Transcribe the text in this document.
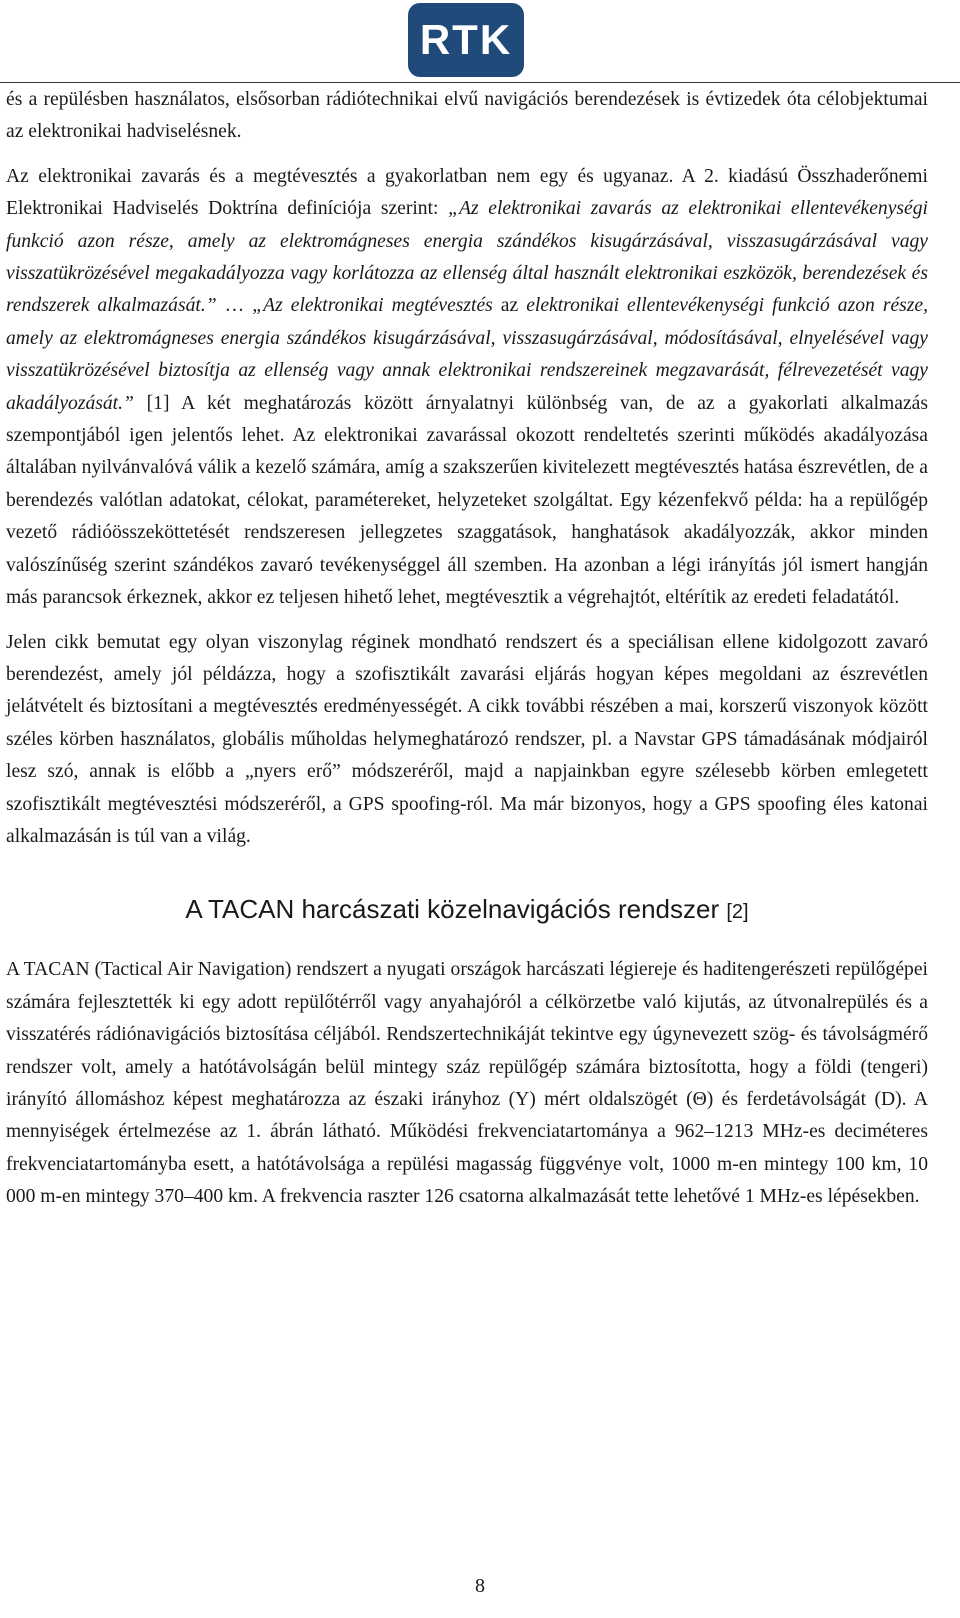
RTK

és a repülésben használatos, elsősorban rádiótechnikai elvű navigációs berendezések is évtizedek óta célobjektumai az elektronikai hadviselésnek.

Az elektronikai zavarás és a megtévesztés a gyakorlatban nem egy és ugyanaz. A 2. kiadású Összhaderőnemi Elektronikai Hadviselés Doktrína definíciója szerint: „Az elektronikai zavarás az elektronikai ellentevékenységi funkció azon része, amely az elektromágneses energia szándékos kisugárzásával, visszasugárzásával vagy visszatükrözésével megakadályozza vagy korlátozza az ellenség által használt elektronikai eszközök, berendezések és rendszerek alkalmazását.” … „Az elektronikai megtévesztés az elektronikai ellentevékenységi funkció azon része, amely az elektromágneses energia szándékos kisugárzásával, visszasugárzásával, módosításával, elnyelésével vagy visszatükrözésével biztosítja az ellenség vagy annak elektronikai rendszereinek megzavarását, félrevezetését vagy akadályozását.” [1] A két meghatározás között árnyalatnyi különbség van, de az a gyakorlati alkalmazás szempontjából igen jelentős lehet. Az elektronikai zavarással okozott rendeltetés szerinti működés akadályozása általában nyilvánvalóvá válik a kezelő számára, amíg a szakszerűen kivitelezett megtévesztés hatása észrevétlen, de a berendezés valótlan adatokat, célokat, paramétereket, helyzeteket szolgáltat. Egy kézenfekvő példa: ha a repülőgép vezető rádióösszeköttetését rendszeresen jellegzetes szaggatások, hanghatások akadályozzák, akkor minden valószínűség szerint szándékos zavaró tevékenységgel áll szemben. Ha azonban a légi irányítás jól ismert hangján más parancsok érkeznek, akkor ez teljesen hihető lehet, megtévesztik a végrehajtót, eltérítik az eredeti feladatától.

Jelen cikk bemutat egy olyan viszonylag réginek mondható rendszert és a speciálisan ellene kidolgozott zavaró berendezést, amely jól példázza, hogy a szofisztikált zavarási eljárás hogyan képes megoldani az észrevétlen jelátvételt és biztosítani a megtévesztés eredményességét. A cikk további részében a mai, korszerű viszonyok között széles körben használatos, globális műholdas helymeghatározó rendszer, pl. a Navstar GPS támadásának módjairól lesz szó, annak is előbb a „nyers erő” módszeréről, majd a napjainkban egyre szélesebb körben emlegetett szofisztikált megtévesztési módszeréről, a GPS spoofing-ról. Ma már bizonyos, hogy a GPS spoofing éles katonai alkalmazásán is túl van a világ.

A TACAN harcászati közelnavigációs rendszer [2]

A TACAN (Tactical Air Navigation) rendszert a nyugati országok harcászati légiereje és haditengerészeti repülőgépei számára fejlesztették ki egy adott repülőtérről vagy anyahajóról a célkörzetbe való kijutás, az útvonalrepülés és a visszatérés rádiónavigációs biztosítása céljából. Rendszertechnikáját tekintve egy úgynevezett szög- és távolságmérő rendszer volt, amely a hatótávolságán belül mintegy száz repülőgép számára biztosította, hogy a földi (tengeri) irányító állomáshoz képest meghatározza az északi irányhoz (Y) mért oldalszögét (Θ) és ferdetávolságát (D). A mennyiségek értelmezése az 1. ábrán látható. Működési frekvenciatartománya a 962–1213 MHz-es deciméteres frekvenciatartományba esett, a hatótávolsága a repülési magasság függvénye volt, 1000 m-en mintegy 100 km, 10 000 m-en mintegy 370–400 km. A frekvencia raszter 126 csatorna alkalmazását tette lehetővé 1 MHz-es lépésekben.

8
